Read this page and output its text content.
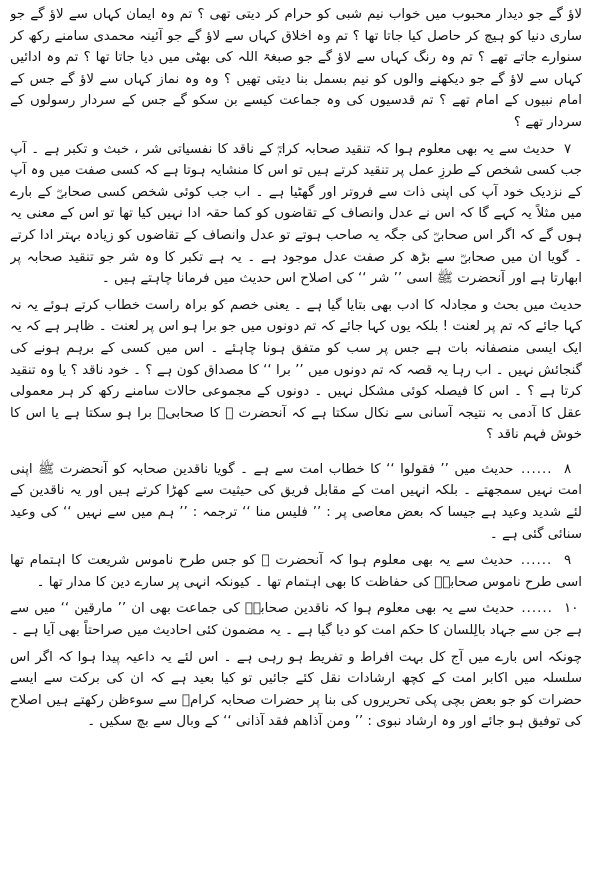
لاؤ گے جو دیدار محبوب میں خواب نیم شبی کو حرام کر دیتی تھی ؟ تم وہ ایمان کہاں سے لاؤ گے جو ساری دنیا کو ہیچ کر حاصل کیا جاتا تھا ؟ تم وہ اخلاق کہاں سے لاؤ گے جو آئینہ محمدی سامنے رکھ کر سنوارے جاتے تھے ؟ تم وہ رنگ کہاں سے لاؤ گے جو صبغۃ اللہ کی بھٹی میں دیا جاتا تھا ؟ تم وہ ادائیں کہاں سے لاؤ گے جو دیکھنے والوں کو نیم بسمل بنا دیتی تھیں ؟ وہ وہ نماز کہاں سے لاؤ گے جس کے امام نبیوں کے امام تھے ؟ تم قدسیوں کی وہ جماعت کیسے بن سکو گے جس کے سردار رسولوں کے سردار تھے ؟

۷ حدیث سے یہ بھی معلوم ہوا کہ تنقید صحابہ کرامؓ کے ناقد کا نفسیاتی شر ، خبث و تکبر ہے ۔ آپ جب کسی شخص کے طرزِ عمل پر تنقید کرتے ہیں تو اس کا منشایہ ہوتا ہے کہ کسی صفت میں وہ آپ کے نزدیک خود آپ کی اپنی ذات سے فروتر اور گھٹیا ہے ۔ اب جب کوئی شخص کسی صحابیؓ کے بارے میں مثلاً یہ کہے گا کہ اس نے عدل وانصاف کے تقاضوں کو کما حقہ ادا نہیں کیا تھا تو اس کے معنی یہ ہوں گے کہ اگر اس صحابیؓ کی جگہ یہ صاحب ہوتے تو عدل وانصاف کے تقاضوں کو زیادہ بہتر ادا کرتے ۔ گویا ان میں صحابیؓ سے بڑھ کر صفت عدل موجود ہے ۔ یہ ہے تکبر کا وہ شر جو تنقید صحابہ پر ابھارتا ہے اور آنحضرت ﷺ اسی ’’ شر ‘‘ کی اصلاح اس حدیث میں فرمانا چاہتے ہیں ۔

حدیث میں بحث و مجادلہ کا ادب بھی بتایا گیا ہے ۔ یعنی خصم کو براہ راست خطاب کرتے ہوئے یہ نہ کہا جائے کہ تم پر لعنت ! بلکہ یوں کہا جائے کہ تم دونوں میں جو برا ہو اس پر لعنت ۔ ظاہر ہے کہ یہ ایک ایسی منصفانہ بات ہے جس پر سب کو متفق ہونا چاہئے ۔ اس میں کسی کے برہم ہونے کی گنجائش نہیں ۔ اب رہا یہ قصہ کہ تم دونوں میں ’’ برا ‘‘ کا مصداق کون ہے ؟ ۔ خود ناقد ؟ یا وہ تنقید کرتا ہے ؟ ۔ اس کا فیصلہ کوئی مشکل نہیں ۔ دونوں کے مجموعی حالات سامنے رکھ کر ہر معمولی عقل کا آدمی بہ نتیجہ آسانی سے نکال سکتا ہے کہ آنحضرت ﷺ کا صحابیؓ برا ہو سکتا ہے یا اس کا خوش فہم ناقد ؟

۸ ...... حدیث میں ’’ فقولوا ‘‘ کا خطاب امت سے ہے ۔ گویا ناقدین صحابہ کو آنحضرت ﷺ اپنی امت نہیں سمجھتے ۔ بلکہ انہیں امت کے مقابل فریق کی حیثیت سے کھڑا کرتے ہیں اور یہ ناقدین کے لئے شدید وعید ہے جیسا کہ بعض معاصی پر : ’’ فلیس منا ‘‘ ترجمہ : ’’ ہم میں سے نہیں ‘‘ کی وعید سنائی گئی ہے ۔

۹ ...... حدیث سے یہ بھی معلوم ہوا کہ آنحضرت ﷺ کو جس طرح ناموس شریعت کا اہتمام تھا اسی طرح ناموس صحابہؓ کی حفاظت کا بھی اہتمام تھا ۔ کیونکہ انہی پر سارے دین کا مدار تھا ۔

۱۰ ...... حدیث سے یہ بھی معلوم ہوا کہ ناقدین صحابہؓ کی جماعت بھی ان ’’ مارقین ‘‘ میں سے ہے جن سے جہاد بالِلسان کا حکم امت کو دیا گیا ہے ۔ یہ مضمون کئی احادیث میں صراحتاً بھی آیا ہے ۔

چونکہ اس بارے میں آج کل بہت افراط و تفریط ہو رہی ہے ۔ اس لئے یہ داعیہ پیدا ہوا کہ اگر اس سلسلہ میں اکابر امت کے کچھ ارشادات نقل کئے جائیں تو کیا بعید ہے کہ ان کی برکت سے ایسے حضرات کو جو بعض بچی پکی تحریروں کی بنا پر حضرات صحابہ کرامؓ سے سوءظن رکھتے ہیں اصلاح کی توفیق ہو جائے اور وہ ارشاد نبوی : ’’ ومن آذاھم فقد آذانی ‘‘ کے وبال سے بچ سکیں ۔
